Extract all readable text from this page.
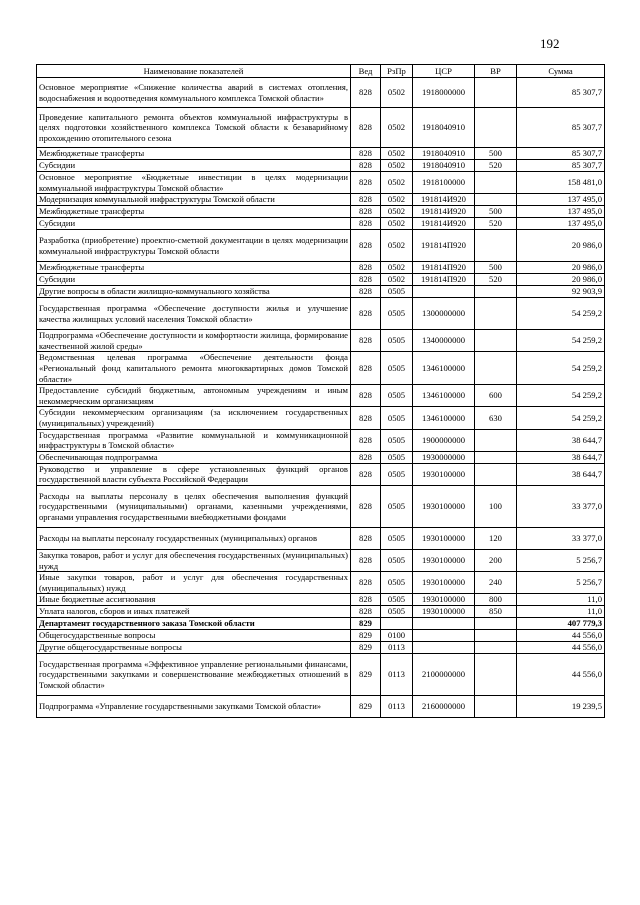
192
Наименование показателей	Вед	РзПр	ЦСР	ВР	Сумма
Основное мероприятие «Снижение количества аварий в системах отопления, водоснабжения и водоотведения коммунального комплекса Томской области»	828	0502	1918000000		85 307,7
Проведение капитального ремонта объектов коммунальной инфраструктуры в целях подготовки хозяйственного комплекса Томской области к безаварийному прохождению отопительного сезона	828	0502	1918040910		85 307,7
Межбюджетные трансферты	828	0502	1918040910	500	85 307,7
Субсидии	828	0502	1918040910	520	85 307,7
Основное мероприятие «Бюджетные инвестиции в целях модернизации коммунальной инфраструктуры Томской области»	828	0502	1918100000		158 481,0
Модернизация коммунальной инфраструктуры Томской области	828	0502	191814И920		137 495,0
Межбюджетные трансферты	828	0502	191814И920	500	137 495,0
Субсидии	828	0502	191814И920	520	137 495,0
Разработка (приобретение) проектно-сметной документации в целях модернизации коммунальной инфраструктуры Томской области	828	0502	191814П920		20 986,0
Межбюджетные трансферты	828	0502	191814П920	500	20 986,0
Субсидии	828	0502	191814П920	520	20 986,0
Другие вопросы в области жилищно-коммунального хозяйства	828	0505			92 903,9
Государственная программа «Обеспечение доступности жилья и улучшение качества жилищных условий населения Томской области»	828	0505	1300000000		54 259,2
Подпрограмма «Обеспечение доступности и комфортности жилища, формирование качественной жилой среды»	828	0505	1340000000		54 259,2
Ведомственная целевая программа «Обеспечение деятельности фонда «Региональный фонд капитального ремонта многоквартирных домов Томской области»	828	0505	1346100000		54 259,2
Предоставление субсидий бюджетным, автономным учреждениям и иным некоммерческим организациям	828	0505	1346100000	600	54 259,2
Субсидии некоммерческим организациям (за исключением государственных (муниципальных) учреждений)	828	0505	1346100000	630	54 259,2
Государственная программа «Развитие коммунальной и коммуникационной инфраструктуры в Томской области»	828	0505	1900000000		38 644,7
Обеспечивающая подпрограмма	828	0505	1930000000		38 644,7
Руководство и управление в сфере установленных функций органов государственной власти субъекта Российской Федерации	828	0505	1930100000		38 644,7
Расходы на выплаты персоналу в целях обеспечения выполнения функций государственными (муниципальными) органами, казенными учреждениями, органами управления государственными внебюджетными фондами	828	0505	1930100000	100	33 377,0
Расходы на выплаты персоналу государственных (муниципальных) органов	828	0505	1930100000	120	33 377,0
Закупка товаров, работ и услуг для обеспечения государственных (муниципальных) нужд	828	0505	1930100000	200	5 256,7
Иные закупки товаров, работ и услуг для обеспечения государственных (муниципальных) нужд	828	0505	1930100000	240	5 256,7
Иные бюджетные ассигнования	828	0505	1930100000	800	11,0
Уплата налогов, сборов и иных платежей	828	0505	1930100000	850	11,0
Департамент государственного заказа Томской области	829				407 779,3
Общегосударственные вопросы	829	0100			44 556,0
Другие общегосударственные вопросы	829	0113			44 556,0
Государственная программа «Эффективное управление региональными финансами, государственными закупками и совершенствование межбюджетных отношений в Томской области»	829	0113	2100000000		44 556,0
Подпрограмма «Управление государственными закупками Томской области»	829	0113	2160000000		19 239,5
